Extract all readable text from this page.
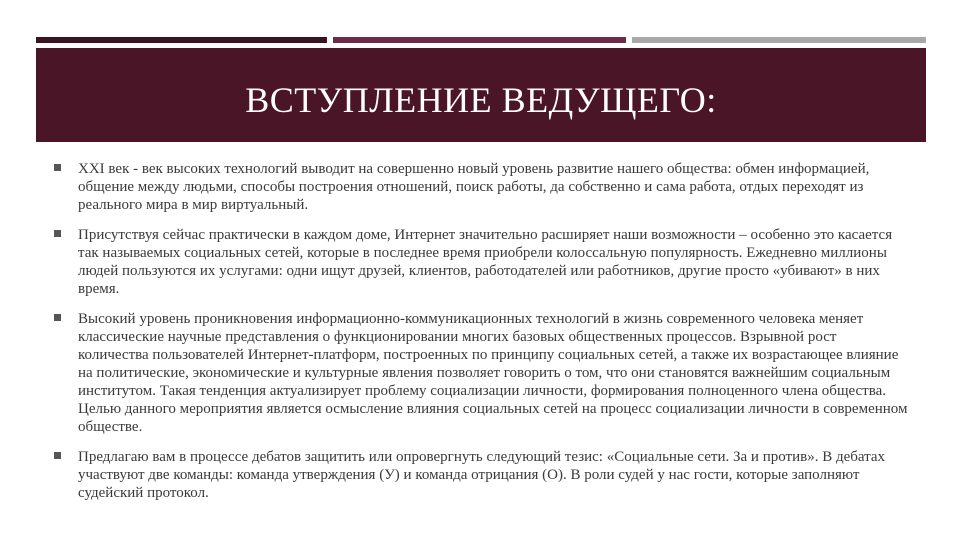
ВСТУПЛЕНИЕ ВЕДУЩЕГО:
XXI век - век высоких технологий выводит на совершенно новый уровень развитие нашего общества: обмен информацией, общение между людьми, способы построения отношений, поиск работы, да собственно и сама работа, отдых переходят из реального мира в мир виртуальный.
Присутствуя сейчас практически в каждом доме, Интернет значительно расширяет наши возможности – особенно это касается так называемых социальных сетей, которые в последнее время приобрели колоссальную популярность. Ежедневно миллионы людей пользуются их услугами: одни ищут друзей, клиентов, работодателей или работников, другие просто «убивают» в них время.
Высокий уровень проникновения информационно-коммуникационных технологий в жизнь современного человека меняет классические научные представления о функционировании многих базовых общественных процессов. Взрывной рост количества пользователей Интернет-платформ, построенных по принципу социальных сетей, а также их возрастающее влияние на политические, экономические и культурные явления позволяет говорить о том, что они становятся важнейшим социальным институтом. Такая тенденция актуализирует проблему социализации личности, формирования полноценного члена общества. Целью данного мероприятия является осмысление влияния социальных сетей на процесс социализации личности в современном обществе.
Предлагаю вам в процессе дебатов защитить или опровергнуть следующий тезис: «Социальные сети. За и против». В дебатах участвуют две команды: команда утверждения (У) и команда отрицания (О). В роли судей у нас гости, которые заполняют судейский протокол.
